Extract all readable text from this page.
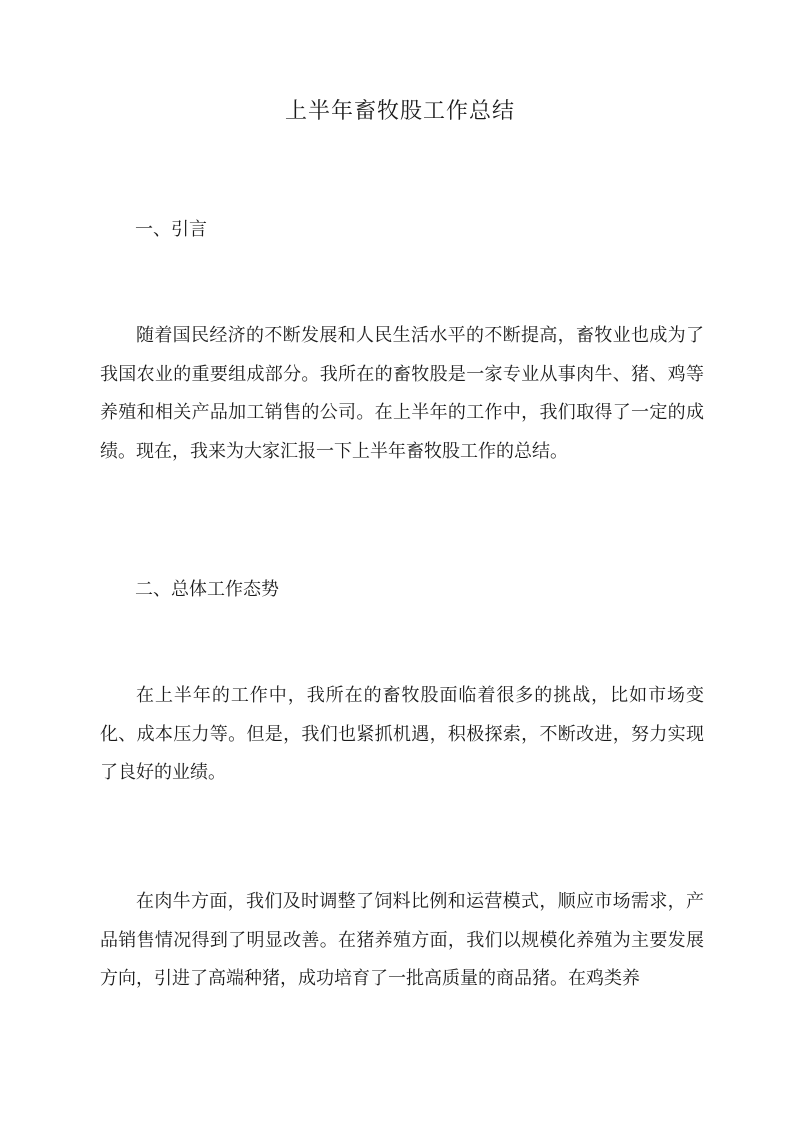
上半年畜牧股工作总结
一、引言

随着国民经济的不断发展和人民生活水平的不断提高，畜牧业也成为了我国农业的重要组成部分。我所在的畜牧股是一家专业从事肉牛、猪、鸡等养殖和相关产品加工销售的公司。在上半年的工作中，我们取得了一定的成绩。现在，我来为大家汇报一下上半年畜牧股工作的总结。

二、总体工作态势

在上半年的工作中，我所在的畜牧股面临着很多的挑战，比如市场变化、成本压力等。但是，我们也紧抓机遇，积极探索，不断改进，努力实现了良好的业绩。

在肉牛方面，我们及时调整了饲料比例和运营模式，顺应市场需求，产品销售情况得到了明显改善。在猪养殖方面，我们以规模化养殖为主要发展方向，引进了高端种猪，成功培育了一批高质量的商品猪。在鸡类养
